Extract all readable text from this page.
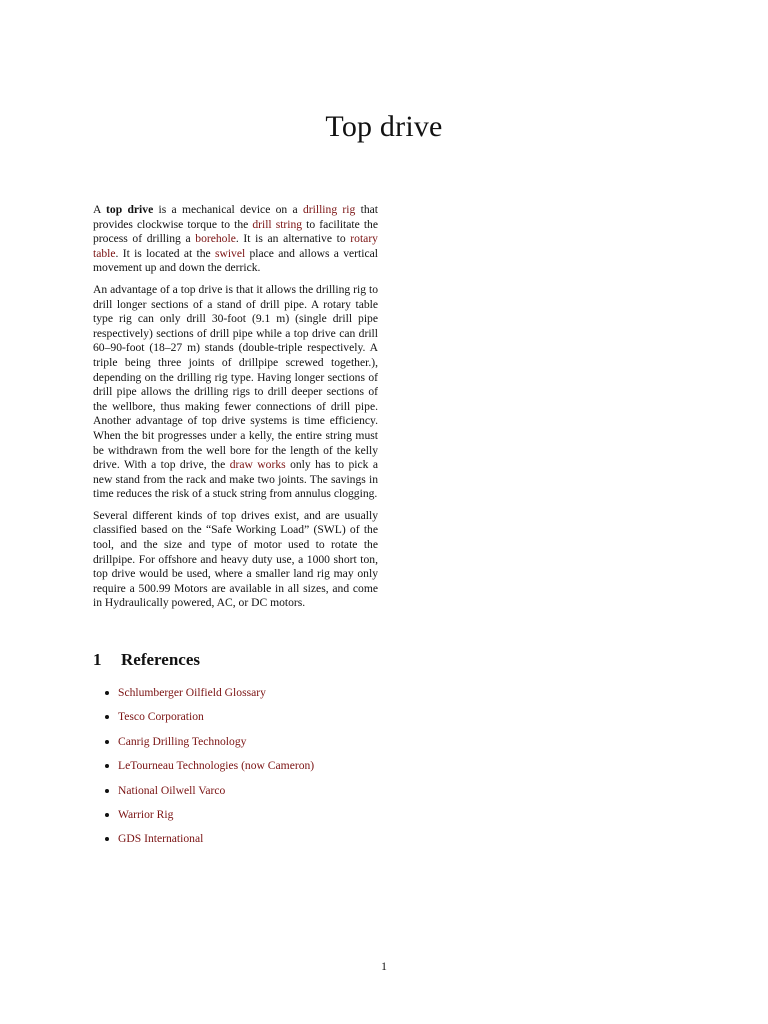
Top drive

A top drive is a mechanical device on a drilling rig that provides clockwise torque to the drill string to facilitate the process of drilling a borehole. It is an alternative to rotary table. It is located at the swivel place and allows a vertical movement up and down the derrick.

An advantage of a top drive is that it allows the drilling rig to drill longer sections of a stand of drill pipe. A rotary table type rig can only drill 30-foot (9.1 m) (single drill pipe respectively) sections of drill pipe while a top drive can drill 60–90-foot (18–27 m) stands (double-triple respectively. A triple being three joints of drillpipe screwed together.), depending on the drilling rig type. Having longer sections of drill pipe allows the drilling rigs to drill deeper sections of the wellbore, thus making fewer connections of drill pipe. Another advantage of top drive systems is time efficiency. When the bit progresses under a kelly, the entire string must be withdrawn from the well bore for the length of the kelly drive. With a top drive, the draw works only has to pick a new stand from the rack and make two joints. The savings in time reduces the risk of a stuck string from annulus clogging.

Several different kinds of top drives exist, and are usually classified based on the “Safe Working Load” (SWL) of the tool, and the size and type of motor used to rotate the drillpipe. For offshore and heavy duty use, a 1000 short ton, top drive would be used, where a smaller land rig may only require a 500.99 Motors are available in all sizes, and come in Hydraulically powered, AC, or DC motors.

1 References
Schlumberger Oilfield Glossary
Tesco Corporation
Canrig Drilling Technology
LeTourneau Technologies (now Cameron)
National Oilwell Varco
Warrior Rig
GDS International
1
